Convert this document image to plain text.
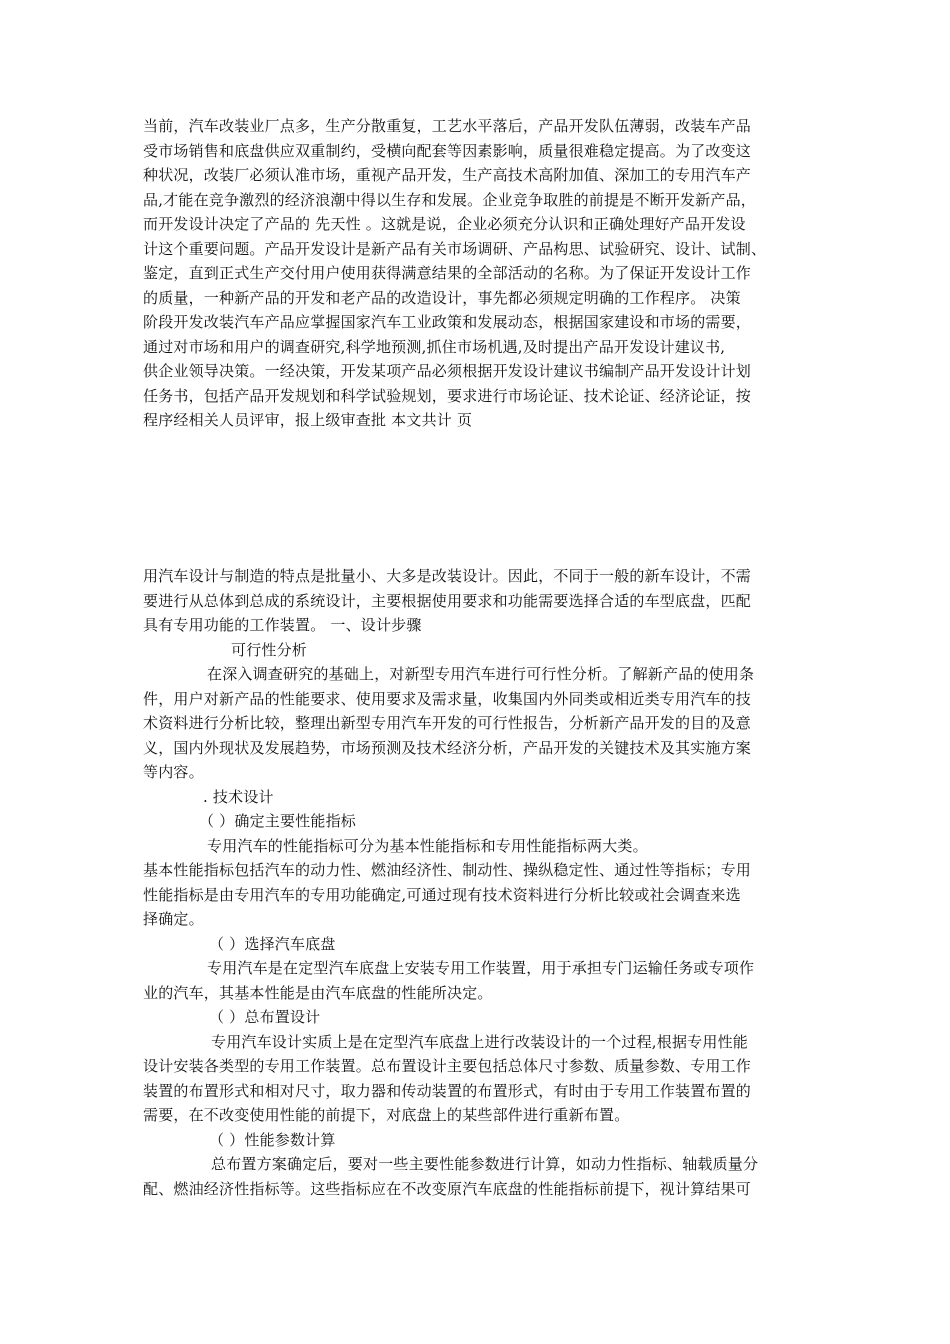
当前，汽车改装业厂点多，生产分散重复，工艺水平落后，产品开发队伍薄弱，改装车产品
受市场销售和底盘供应双重制约，受横向配套等因素影响，质量很难稳定提高。为了改变这
种状况，改装厂必须认准市场，重视产品开发，生产高技术高附加值、深加工的专用汽车产
品,才能在竞争激烈的经济浪潮中得以生存和发展。企业竞争取胜的前提是不断开发新产品，
而开发设计决定了产品的 先天性 。这就是说，企业必须充分认识和正确处理好产品开发设
计这个重要问题。产品开发设计是新产品有关市场调研、产品构思、试验研究、设计、试制、
鉴定，直到正式生产交付用户使用获得满意结果的全部活动的名称。为了保证开发设计工作
的质量，一种新产品的开发和老产品的改造设计，事先都必须规定明确的工作程序。 决策
阶段开发改装汽车产品应掌握国家汽车工业政策和发展动态，根据国家建设和市场的需要，
通过对市场和用户的调查研究,科学地预测,抓住市场机遇,及时提出产品开发设计建议书,
供企业领导决策。一经决策，开发某项产品必须根据开发设计建议书编制产品开发设计计划
任务书，包括产品开发规划和科学试验规划，要求进行市场论证、技术论证、经济论证，按
程序经相关人员评审，报上级审查批 本文共计 页
用汽车设计与制造的特点是批量小、大多是改装设计。因此，不同于一般的新车设计，不需
要进行从总体到总成的系统设计，主要根据使用要求和功能需要选择合适的车型底盘，匹配
具有专用功能的工作装置。 一、设计步骤
可行性分析
在深入调查研究的基础上，对新型专用汽车进行可行性分析。了解新产品的使用条
件，用户对新产品的性能要求、使用要求及需求量，收集国内外同类或相近类专用汽车的技
术资料进行分析比较，整理出新型专用汽车开发的可行性报告，分析新产品开发的目的及意
义，国内外现状及发展趋势，市场预测及技术经济分析，产品开发的关键技术及其实施方案
等内容。
. 技术设计
（ ）确定主要性能指标
专用汽车的性能指标可分为基本性能指标和专用性能指标两大类。
基本性能指标包括汽车的动力性、燃油经济性、制动性、操纵稳定性、通过性等指标；专用
性能指标是由专用汽车的专用功能确定,可通过现有技术资料进行分析比较或社会调查来选
择确定。
（ ）选择汽车底盘
专用汽车是在定型汽车底盘上安装专用工作装置，用于承担专门运输任务或专项作
业的汽车，其基本性能是由汽车底盘的性能所决定。
（ ）总布置设计
专用汽车设计实质上是在定型汽车底盘上进行改装设计的一个过程,根据专用性能
设计安装各类型的专用工作装置。总布置设计主要包括总体尺寸参数、质量参数、专用工作
装置的布置形式和相对尺寸，取力器和传动装置的布置形式，有时由于专用工作装置布置的
需要，在不改变使用性能的前提下，对底盘上的某些部件进行重新布置。
（ ）性能参数计算
总布置方案确定后，要对一些主要性能参数进行计算，如动力性指标、轴载质量分
配、燃油经济性指标等。这些指标应在不改变原汽车底盘的性能指标前提下，视计算结果可
